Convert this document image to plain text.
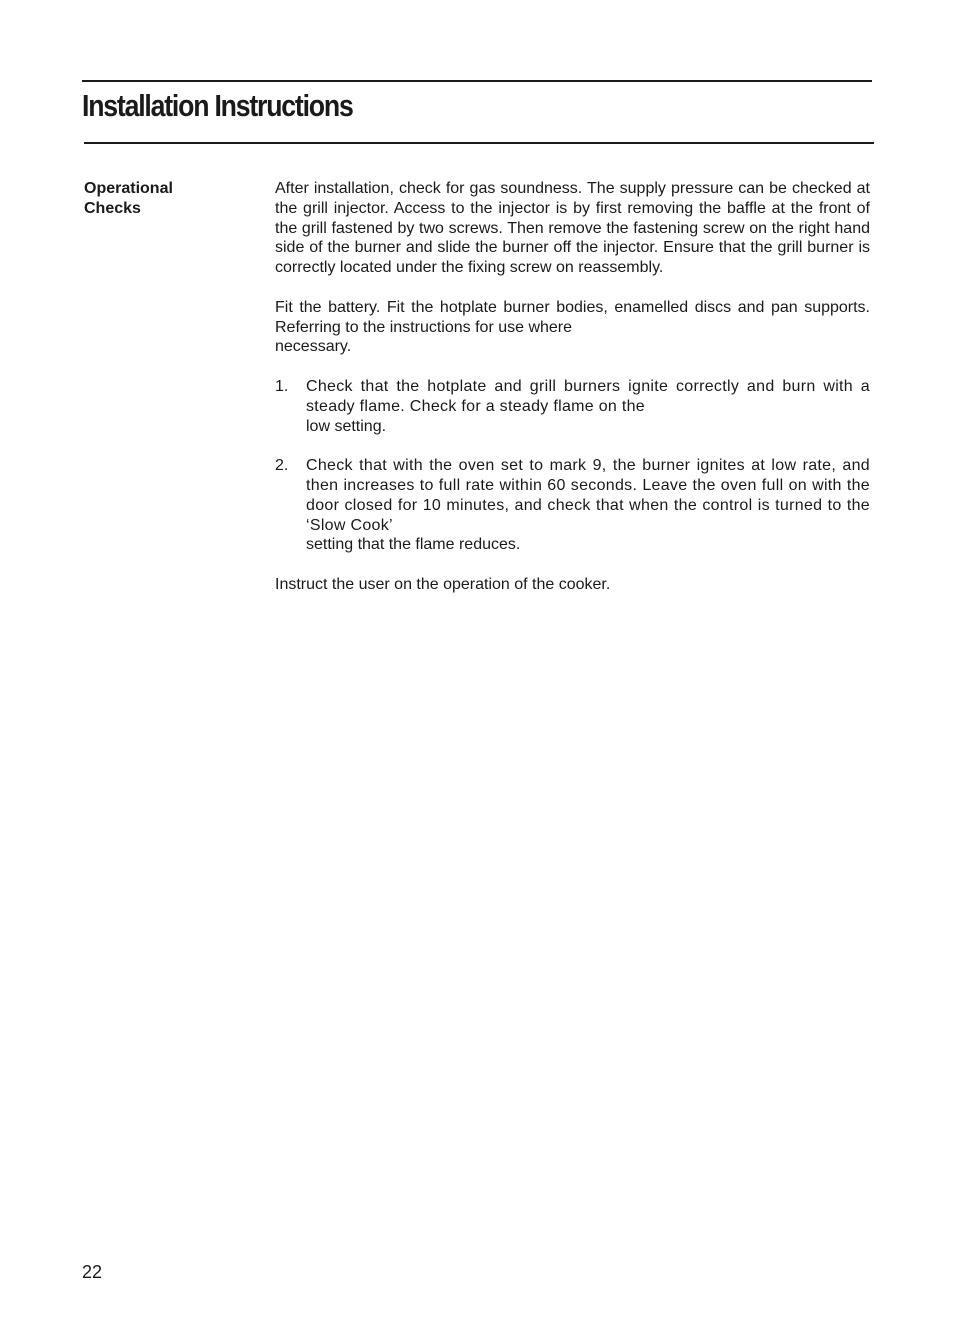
Installation Instructions
Operational
Checks

After installation, check for gas soundness. The supply pressure can be checked at the grill injector. Access to the injector is by first removing the baffle at the front of the grill fastened by two screws. Then remove the fastening screw on the right hand side of the burner and slide the burner off the injector. Ensure that the grill burner is correctly located under the fixing screw on reassembly.

Fit the battery. Fit the hotplate burner bodies, enamelled discs and pan supports. Referring to the instructions for use where

necessary.
1. Check that the hotplate and grill burners ignite correctly and burn with a steady flame. Check for a steady flame on the

low setting.
2. Check that with the oven set to mark 9, the burner ignites at low rate, and then increases to full rate within 60 seconds. Leave the oven full on with the door closed for 10 minutes, and check that when the control is turned to the ‘Slow Cook’

setting that the flame reduces.

Instruct the user on the operation of the cooker.

22
